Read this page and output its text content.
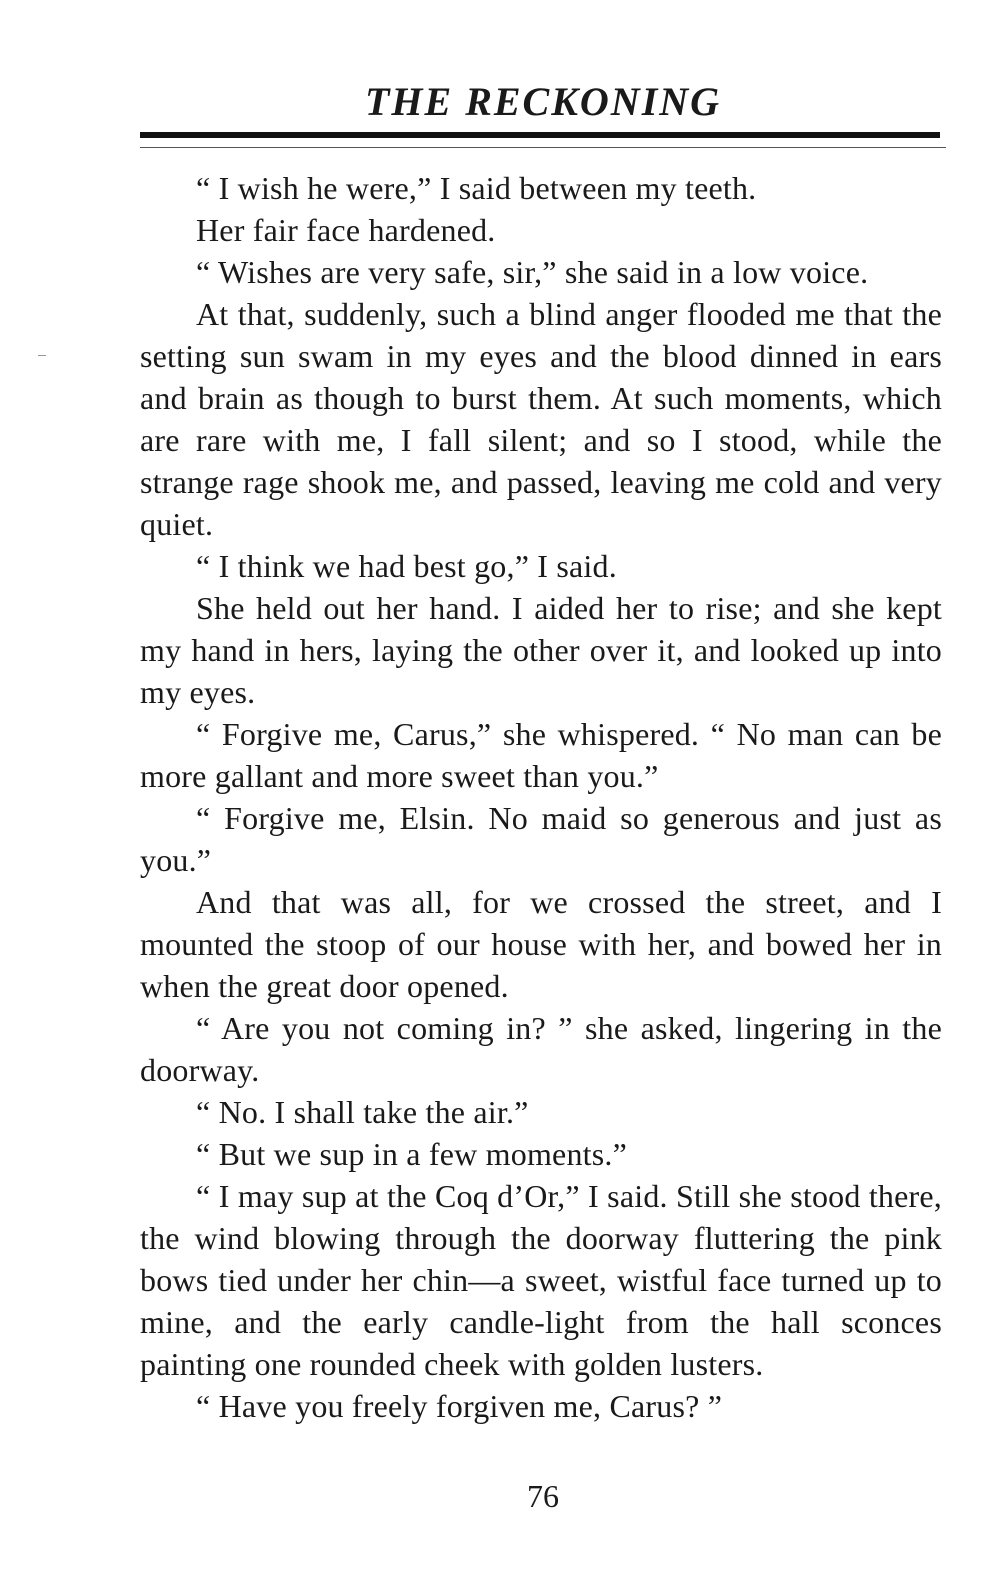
THE RECKONING

“ I wish he were,” I said between my teeth.

Her fair face hardened.

“ Wishes are very safe, sir,” she said in a low voice.

At that, suddenly, such a blind anger flooded me that the setting sun swam in my eyes and the blood dinned in ears and brain as though to burst them. At such moments, which are rare with me, I fall silent; and so I stood, while the strange rage shook me, and passed, leaving me cold and very quiet.

“ I think we had best go,” I said.

She held out her hand. I aided her to rise; and she kept my hand in hers, laying the other over it, and looked up into my eyes.

“ Forgive me, Carus,” she whispered. “ No man can be more gallant and more sweet than you.”

“ Forgive me, Elsin. No maid so generous and just as you.”

And that was all, for we crossed the street, and I mounted the stoop of our house with her, and bowed her in when the great door opened.

“ Are you not coming in? ” she asked, lingering in the doorway.

“ No. I shall take the air.”

“ But we sup in a few moments.”

“ I may sup at the Coq d’Or,” I said. Still she stood there, the wind blowing through the doorway fluttering the pink bows tied under her chin—a sweet, wistful face turned up to mine, and the early candle-light from the hall sconces painting one rounded cheek with golden lusters.

“ Have you freely forgiven me, Carus? ”

76
